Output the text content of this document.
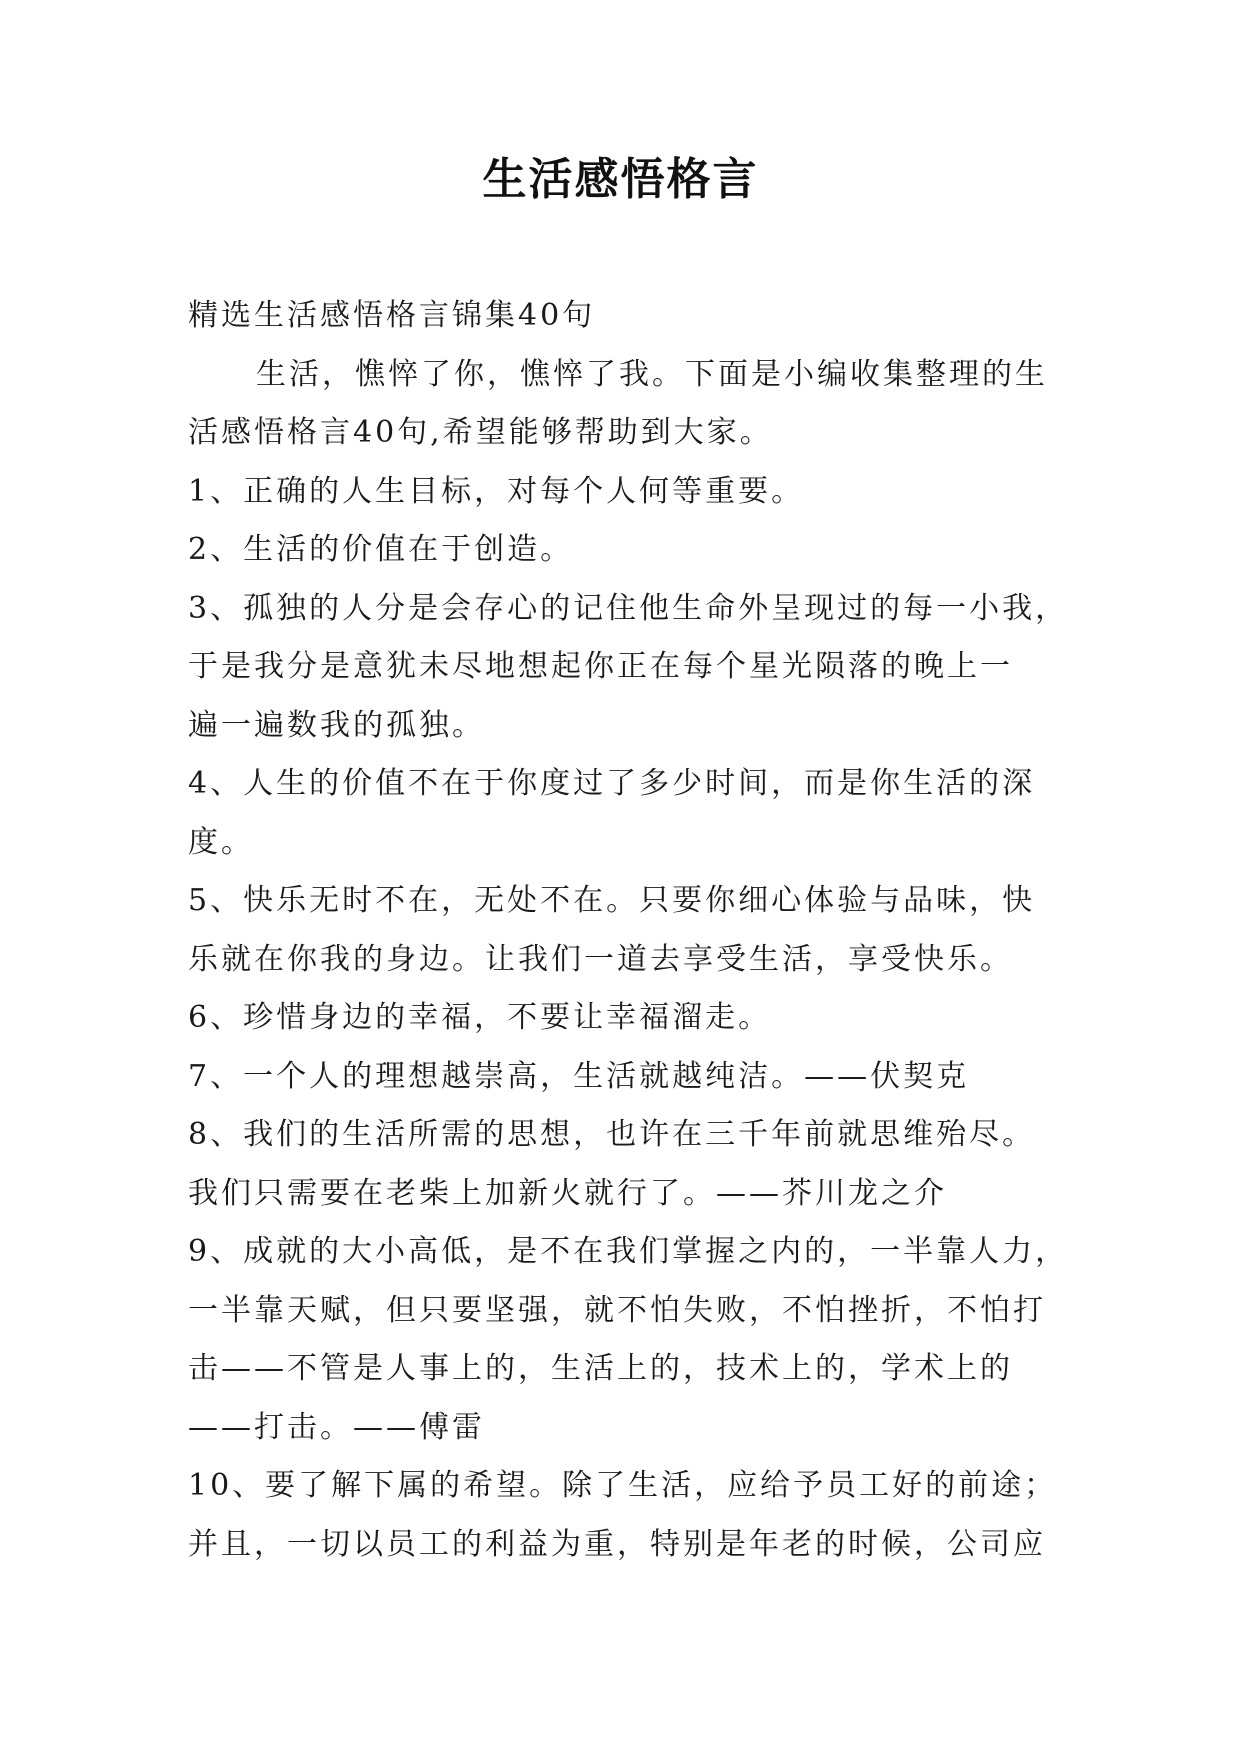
生活感悟格言
精选生活感悟格言锦集40句
生活，憔悴了你，憔悴了我。下面是小编收集整理的生
活感悟格言40句,希望能够帮助到大家。
1、正确的人生目标，对每个人何等重要。
2、生活的价值在于创造。
3、孤独的人分是会存心的记住他生命外呈现过的每一小我，
于是我分是意犹未尽地想起你正在每个星光陨落的晚上一
遍一遍数我的孤独。
4、人生的价值不在于你度过了多少时间，而是你生活的深
度。
5、快乐无时不在，无处不在。只要你细心体验与品味，快
乐就在你我的身边。让我们一道去享受生活，享受快乐。
6、珍惜身边的幸福，不要让幸福溜走。
7、一个人的理想越崇高，生活就越纯洁。——伏契克
8、我们的生活所需的思想，也许在三千年前就思维殆尽。
我们只需要在老柴上加新火就行了。——芥川龙之介
9、成就的大小高低，是不在我们掌握之内的，一半靠人力，
一半靠天赋，但只要坚强，就不怕失败，不怕挫折，不怕打
击——不管是人事上的，生活上的，技术上的，学术上的
——打击。——傅雷
10、要了解下属的希望。除了生活，应给予员工好的前途；
并且，一切以员工的利益为重，特别是年老的时候，公司应
